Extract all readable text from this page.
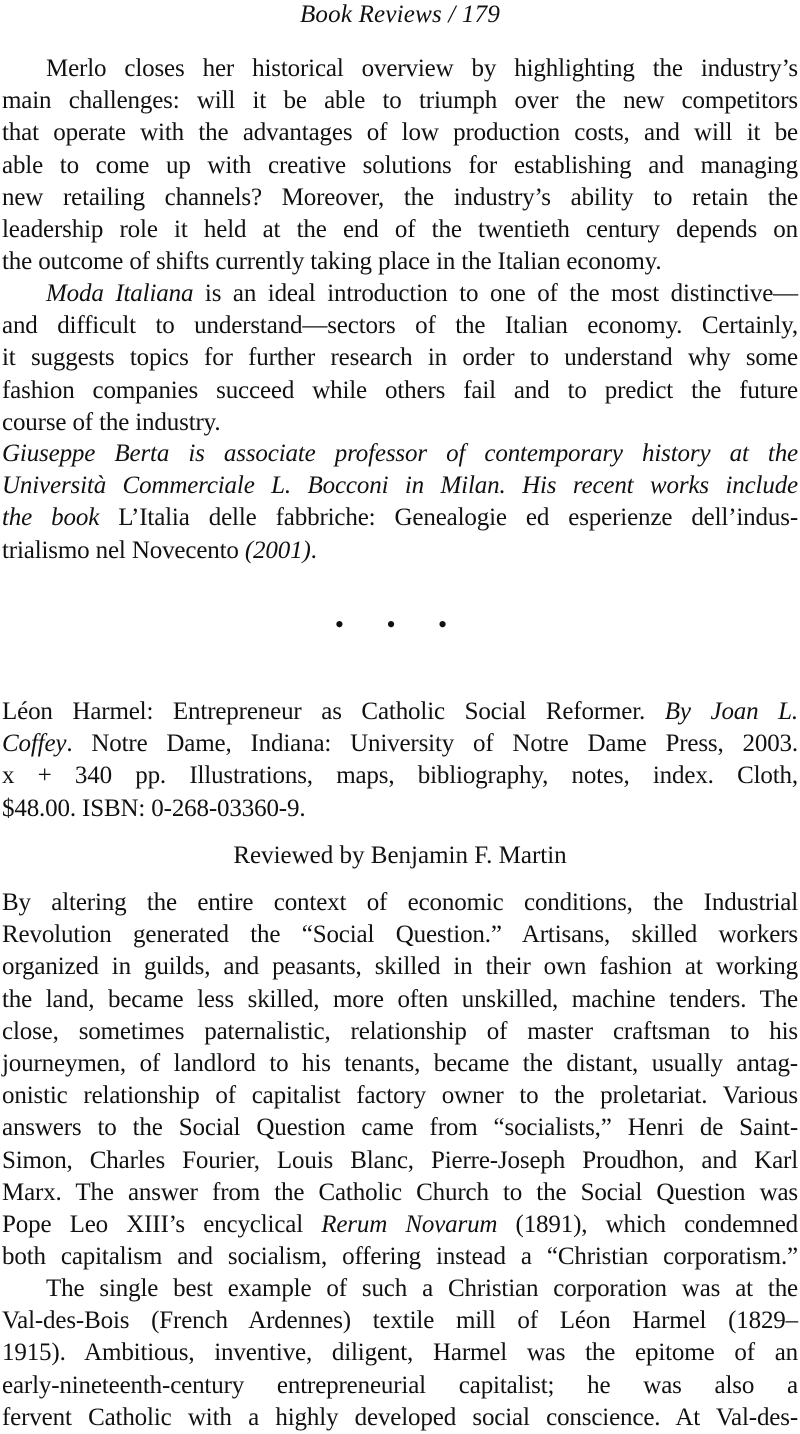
Book Reviews / 179
Merlo closes her historical overview by highlighting the industry’s
main challenges: will it be able to triumph over the new competitors
that operate with the advantages of low production costs, and will it be
able to come up with creative solutions for establishing and managing
new retailing channels? Moreover, the industry’s ability to retain the
leadership role it held at the end of the twentieth century depends on
the outcome of shifts currently taking place in the Italian economy.
Moda Italiana is an ideal introduction to one of the most distinctive—
and difficult to understand—sectors of the Italian economy. Certainly,
it suggests topics for further research in order to understand why some
fashion companies succeed while others fail and to predict the future
course of the industry.
Giuseppe Berta is associate professor of contemporary history at the
Università Commerciale L. Bocconi in Milan. His recent works include
the book L’Italia delle fabbriche: Genealogie ed esperienze dell’indus-
trialismo nel Novecento (2001).
• • •
Léon Harmel: Entrepreneur as Catholic Social Reformer. By Joan L.
Coffey. Notre Dame, Indiana: University of Notre Dame Press, 2003.
x + 340 pp. Illustrations, maps, bibliography, notes, index. Cloth,
$48.00. ISBN: 0-268-03360-9.
Reviewed by Benjamin F. Martin
By altering the entire context of economic conditions, the Industrial
Revolution generated the “Social Question.” Artisans, skilled workers
organized in guilds, and peasants, skilled in their own fashion at working
the land, became less skilled, more often unskilled, machine tenders. The
close, sometimes paternalistic, relationship of master craftsman to his
journeymen, of landlord to his tenants, became the distant, usually antag-
onistic relationship of capitalist factory owner to the proletariat. Various
answers to the Social Question came from “socialists,” Henri de Saint-
Simon, Charles Fourier, Louis Blanc, Pierre-Joseph Proudhon, and Karl
Marx. The answer from the Catholic Church to the Social Question was
Pope Leo XIII’s encyclical Rerum Novarum (1891), which condemned
both capitalism and socialism, offering instead a “Christian corporatism.”
The single best example of such a Christian corporation was at the
Val-des-Bois (French Ardennes) textile mill of Léon Harmel (1829–
1915). Ambitious, inventive, diligent, Harmel was the epitome of an
early-nineteenth-century entrepreneurial capitalist; he was also a
fervent Catholic with a highly developed social conscience. At Val-des-
